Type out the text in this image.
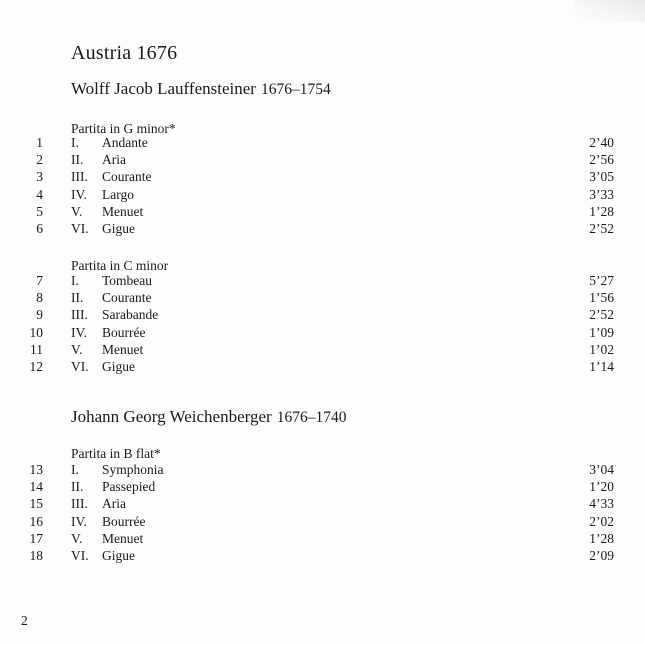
Austria 1676
Wolff Jacob Lauffensteiner 1676–1754
Partita in G minor*
1 I. Andante	2’40
2 II. Aria	2’56
3 III. Courante	3’05
4 IV. Largo	3’33
5 V. Menuet	1’28
6 VI. Gigue	2’52
Partita in C minor
7 I. Tombeau	5’27
8 II. Courante	1’56
9 III. Sarabande	2’52
10 IV. Bourrée	1’09
11 V. Menuet	1’02
12 VI. Gigue	1’14
Johann Georg Weichenberger 1676–1740
Partita in B flat*
13 I. Symphonia	3’04
14 II. Passepied	1’20
15 III. Aria	4’33
16 IV. Bourrée	2’02
17 V. Menuet	1’28
18 VI. Gigue	2’09
2
